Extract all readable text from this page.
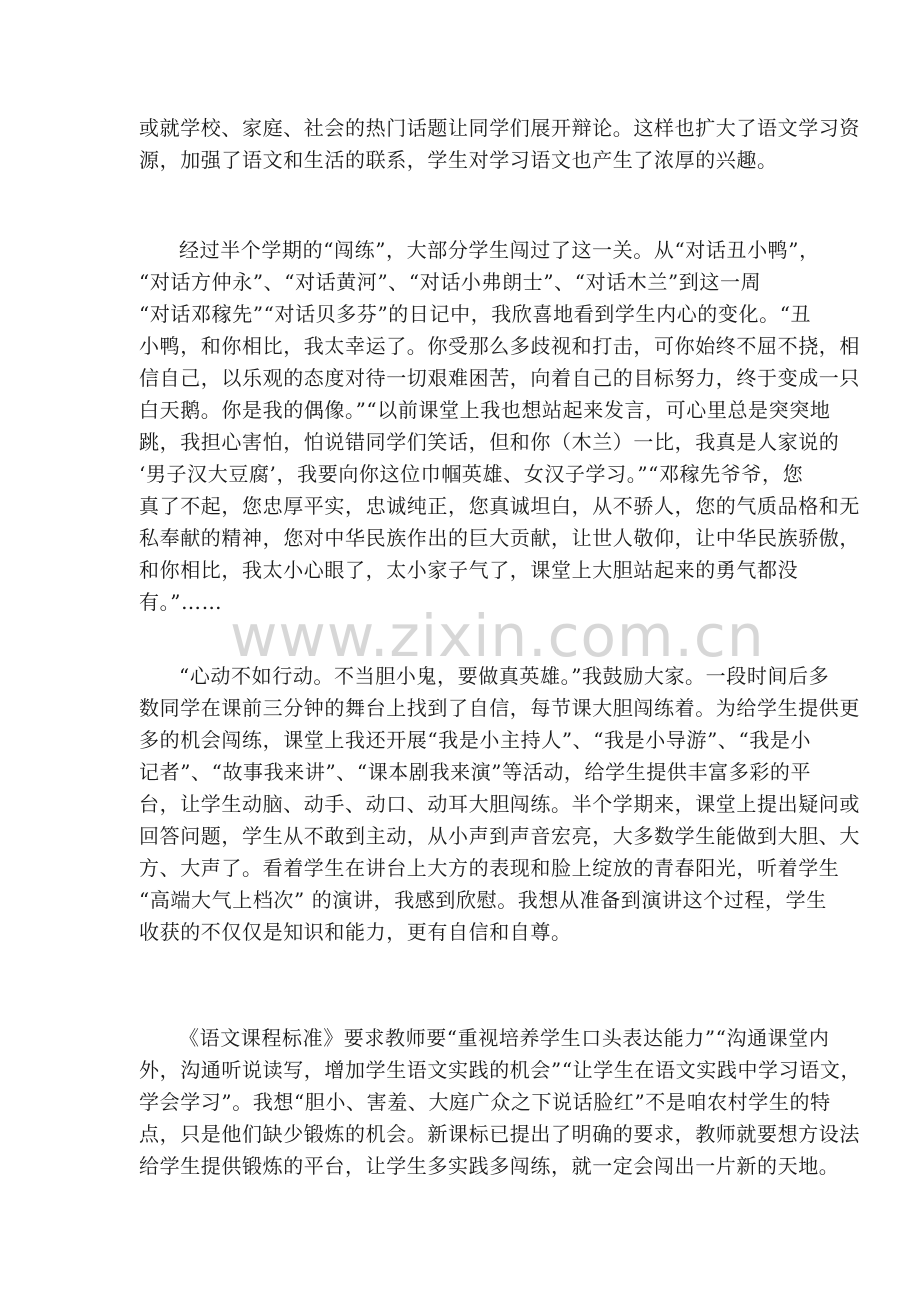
www.zixin.com.cn

或就学校、家庭、社会的热门话题让同学们展开辩论。这样也扩大了语文学习资
源，加强了语文和生活的联系，学生对学习语文也产生了浓厚的兴趣。

经过半个学期的“闯练”，大部分学生闯过了这一关。从“对话丑小鸭”，
“对话方仲永”、“对话黄河”、“对话小弗朗士”、“对话木兰”到这一周
“对话邓稼先”“对话贝多芬”的日记中，我欣喜地看到学生内心的变化。“丑
小鸭，和你相比，我太幸运了。你受那么多歧视和打击，可你始终不屈不挠，相
信自己，以乐观的态度对待一切艰难困苦，向着自己的目标努力，终于变成一只
白天鹅。你是我的偶像。”“以前课堂上我也想站起来发言，可心里总是突突地
跳，我担心害怕，怕说错同学们笑话，但和你（木兰）一比，我真是人家说的
‘男子汉大豆腐’，我要向你这位巾帼英雄、女汉子学习。”“邓稼先爷爷，您
真了不起，您忠厚平实，忠诚纯正，您真诚坦白，从不骄人，您的气质品格和无
私奉献的精神，您对中华民族作出的巨大贡献，让世人敬仰，让中华民族骄傲，
和你相比，我太小心眼了，太小家子气了，课堂上大胆站起来的勇气都没
有。”……

“心动不如行动。不当胆小鬼，要做真英雄。”我鼓励大家。一段时间后多
数同学在课前三分钟的舞台上找到了自信，每节课大胆闯练着。为给学生提供更
多的机会闯练，课堂上我还开展“我是小主持人”、“我是小导游”、“我是小
记者”、“故事我来讲”、“课本剧我来演”等活动，给学生提供丰富多彩的平
台，让学生动脑、动手、动口、动耳大胆闯练。半个学期来，课堂上提出疑问或
回答问题，学生从不敢到主动，从小声到声音宏亮，大多数学生能做到大胆、大
方、大声了。看着学生在讲台上大方的表现和脸上绽放的青春阳光，听着学生
“高端大气上档次” 的演讲，我感到欣慰。我想从准备到演讲这个过程，学生
收获的不仅仅是知识和能力，更有自信和自尊。

《语文课程标准》要求教师要“重视培养学生口头表达能力”“沟通课堂内
外，沟通听说读写，增加学生语文实践的机会”“让学生在语文实践中学习语文，
学会学习”。我想“胆小、害羞、大庭广众之下说话脸红”不是咱农村学生的特
点，只是他们缺少锻炼的机会。新课标已提出了明确的要求，教师就要想方设法
给学生提供锻炼的平台，让学生多实践多闯练，就一定会闯出一片新的天地。
